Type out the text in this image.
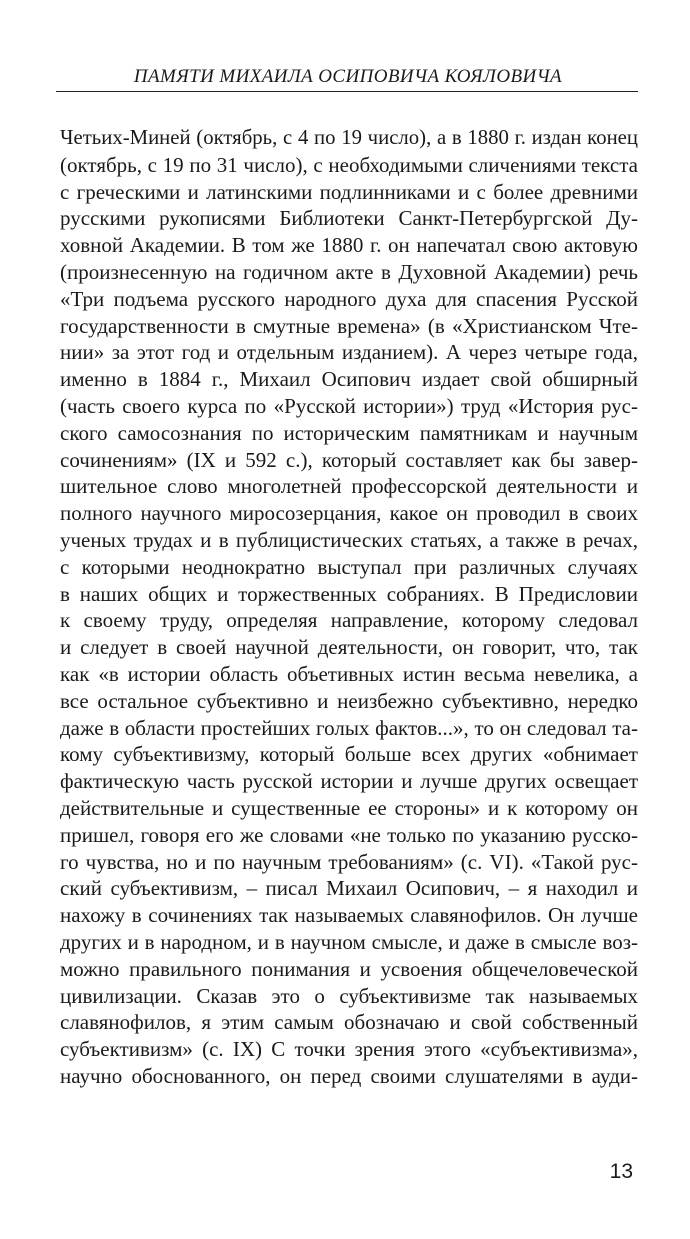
ПАМЯТИ МИХАИЛА ОСИПОВИЧА КОЯЛОВИЧА
Четьих-Миней (октябрь, с 4 по 19 число), а в 1880 г. издан конец
(октябрь, с 19 по 31 число), с необходимыми сличениями текста
с греческими и латинскими подлинниками и с более древними
русскими рукописями Библиотеки Санкт-Петербургской Ду-
ховной Академии. В том же 1880 г. он напечатал свою актовую
(произнесенную на годичном акте в Духовной Академии) речь
«Три подъема русского народного духа для спасения Русской
государственности в смутные времена» (в «Христианском Чте-
нии» за этот год и отдельным изданием). А через четыре года,
именно в 1884 г., Михаил Осипович издает свой обширный
(часть своего курса по «Русской истории») труд «История рус-
ского самосознания по историческим памятникам и научным
сочинениям» (IX и 592 с.), который составляет как бы завер-
шительное слово многолетней профессорской деятельности и
полного научного миросозерцания, какое он проводил в своих
ученых трудах и в публицистических статьях, а также в речах,
с которыми неоднократно выступал при различных случаях
в наших общих и торжественных собраниях. В Предисловии
к своему труду, определяя направление, которому следовал
и следует в своей научной деятельности, он говорит, что, так
как «в истории область объетивных истин весьма невелика, а
все остальное субъективно и неизбежно субъективно, нередко
даже в области простейших голых фактов...», то он следовал та-
кому субъективизму, который больше всех других «обнимает
фактическую часть русской истории и лучше других освещает
действительные и существенные ее стороны» и к которому он
пришел, говоря его же словами «не только по указанию русско-
го чувства, но и по научным требованиям» (с. VI). «Такой рус-
ский субъективизм, – писал Михаил Осипович, – я находил и
нахожу в сочинениях так называемых славянофилов. Он лучше
других и в народном, и в научном смысле, и даже в смысле воз-
можно правильного понимания и усвоения общечеловеческой
цивилизации. Сказав это о субъективизме так называемых
славянофилов, я этим самым обозначаю и свой собственный
субъективизм» (с. IX) С точки зрения этого «субъективизма»,
научно обоснованного, он перед своими слушателями в ауди-
13
